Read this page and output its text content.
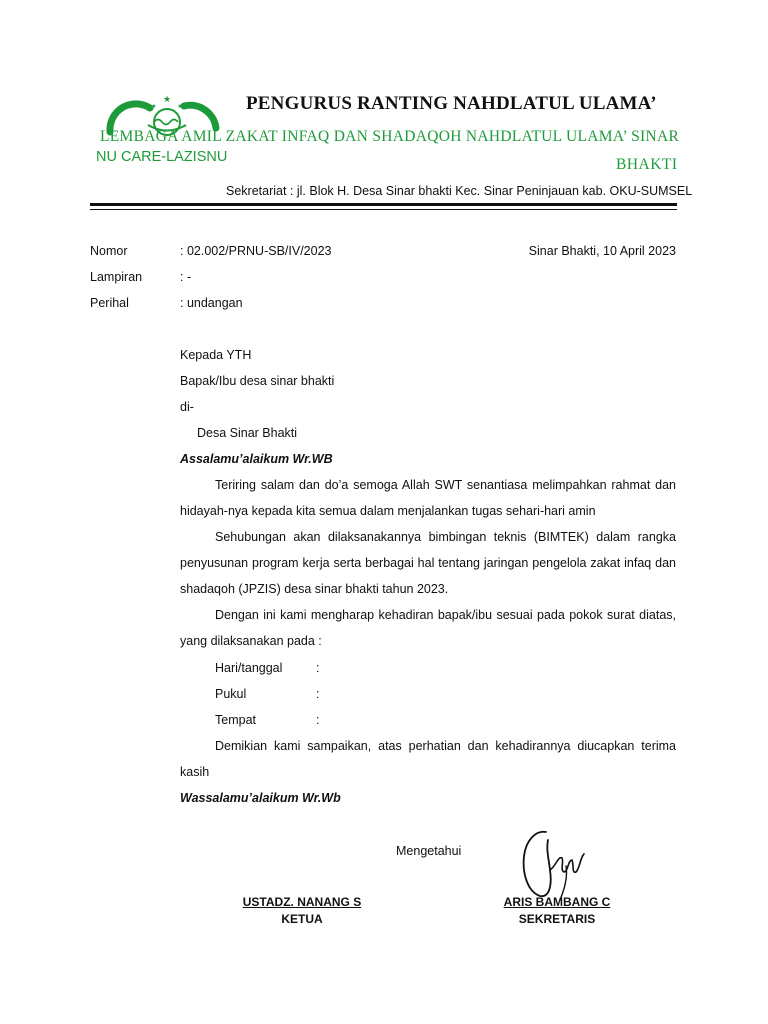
★
★	★	PENGURUS RANTING NAHDLATUL ULAMA’
LEMBAGA AMIL ZAKAT INFAQ DAN SHADAQOH NAHDLATUL ULAMA’ SINAR
NU CARE-LAZISNU	BHAKTI
Sekretariat : jl. Blok H. Desa Sinar bhakti Kec. Sinar Peninjauan kab. OKU-SUMSEL
Nomor	: 02.002/PRNU-SB/IV/2023	Sinar Bhakti, 10 April 2023
Lampiran	: -
Perihal	: undangan
Kepada YTH
Bapak/Ibu desa sinar bhakti
di-
Desa Sinar Bhakti
Assalamu’alaikum Wr.WB
Teriring salam dan do’a semoga Allah SWT senantiasa melimpahkan rahmat dan
hidayah-nya kepada kita semua dalam menjalankan tugas sehari-hari amin
Sehubungan akan dilaksanakannya bimbingan teknis (BIMTEK) dalam rangka
penyusunan program kerja serta berbagai hal tentang jaringan pengelola zakat infaq dan
shadaqoh (JPZIS) desa sinar bhakti tahun 2023.
Dengan ini kami mengharap kehadiran bapak/ibu sesuai pada pokok surat diatas,
yang dilaksanakan pada :
Hari/tanggal	:
Pukul	:
Tempat	:
Demikian kami sampaikan, atas perhatian dan kehadirannya diucapkan terima
kasih
Wassalamu’alaikum Wr.Wb
Mengetahui
USTADZ. NANANG S
KETUA
ARIS BAMBANG C
SEKRETARIS
